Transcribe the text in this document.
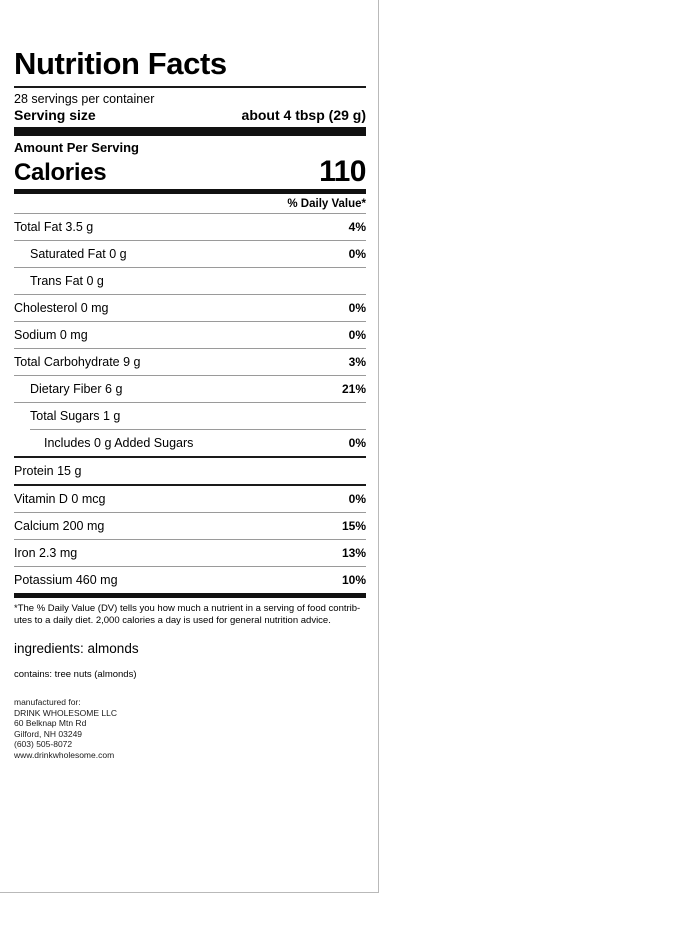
Nutrition Facts
28 servings per container
Serving size	about 4 tbsp (29 g)
Amount Per Serving
Calories	110
% Daily Value*
Total Fat 3.5 g	4%
Saturated Fat 0 g	0%
Trans Fat 0 g
Cholesterol 0 mg	0%
Sodium 0 mg	0%
Total Carbohydrate 9 g	3%
Dietary Fiber 6 g	21%
Total Sugars 1 g
Includes 0 g Added Sugars	0%
Protein 15 g
Vitamin D 0 mcg	0%
Calcium 200 mg	15%
Iron 2.3 mg	13%
Potassium 460 mg	10%
*The % Daily Value (DV) tells you how much a nutrient in a serving of food contrib-utes to a daily diet. 2,000 calories a day is used for general nutrition advice.
ingredients: almonds
contains: tree nuts (almonds)
manufactured for:
DRINK WHOLESOME LLC
60 Belknap Mtn Rd
Gilford, NH 03249
(603) 505-8072
www.drinkwholesome.com
